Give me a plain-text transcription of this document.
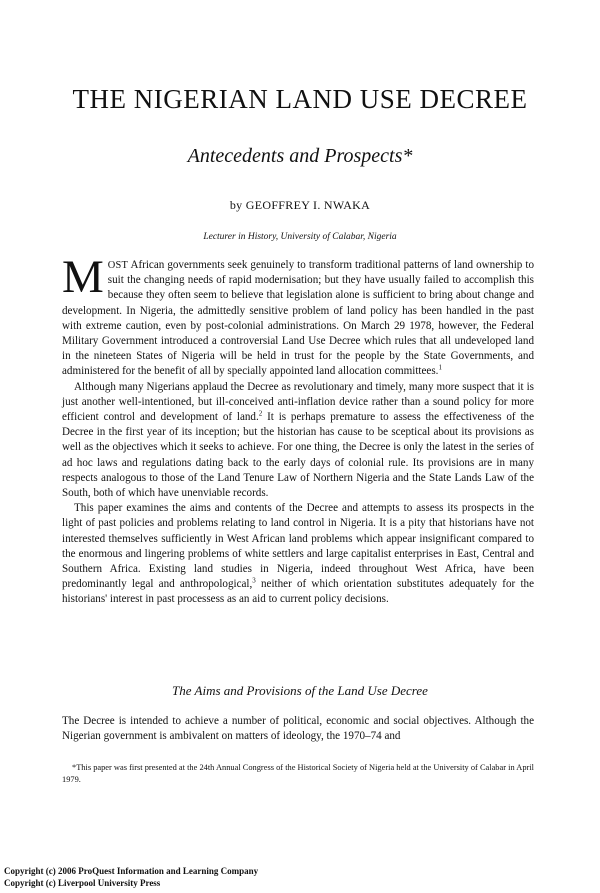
THE NIGERIAN LAND USE DECREE
Antecedents and Prospects*
by GEOFFREY I. NWAKA
Lecturer in History, University of Calabar, Nigeria

MOST African governments seek genuinely to transform traditional patterns of land ownership to suit the changing needs of rapid modernisation; but they have usually failed to accomplish this because they often seem to believe that legislation alone is sufficient to bring about change and development. In Nigeria, the admittedly sensitive problem of land policy has been handled in the past with extreme caution, even by post-colonial administrations. On March 29 1978, however, the Federal Military Government introduced a controversial Land Use Decree which rules that all undeveloped land in the nineteen States of Nigeria will be held in trust for the people by the State Governments, and administered for the benefit of all by specially appointed land allocation committees.$^1$

Although many Nigerians applaud the Decree as revolutionary and timely, many more suspect that it is just another well-intentioned, but ill-conceived anti-inflation device rather than a sound policy for more efficient control and development of land.$^2$ It is perhaps premature to assess the effectiveness of the Decree in the first year of its inception; but the historian has cause to be sceptical about its provisions as well as the objectives which it seeks to achieve. For one thing, the Decree is only the latest in the series of ad hoc laws and regulations dating back to the early days of colonial rule. Its provisions are in many respects analogous to those of the Land Tenure Law of Northern Nigeria and the State Lands Law of the South, both of which have unenviable records.

This paper examines the aims and contents of the Decree and attempts to assess its prospects in the light of past policies and problems relating to land control in Nigeria. It is a pity that historians have not interested themselves sufficiently in West African land problems which appear insignificant compared to the enormous and lingering problems of white settlers and large capitalist enterprises in East, Central and Southern Africa. Existing land studies in Nigeria, indeed throughout West Africa, have been predominantly legal and anthropological,$^3$ neither of which orientation substitutes adequately for the historians' interest in past processess as an aid to current policy decisions.

The Aims and Provisions of the Land Use Decree

The Decree is intended to achieve a number of political, economic and social objectives. Although the Nigerian government is ambivalent on matters of ideology, the 1970–74 and

*This paper was first presented at the 24th Annual Congress of the Historical Society of Nigeria held at the University of Calabar in April 1979.

Copyright (c) 2006 ProQuest Information and Learning Company
Copyright (c) Liverpool University Press
